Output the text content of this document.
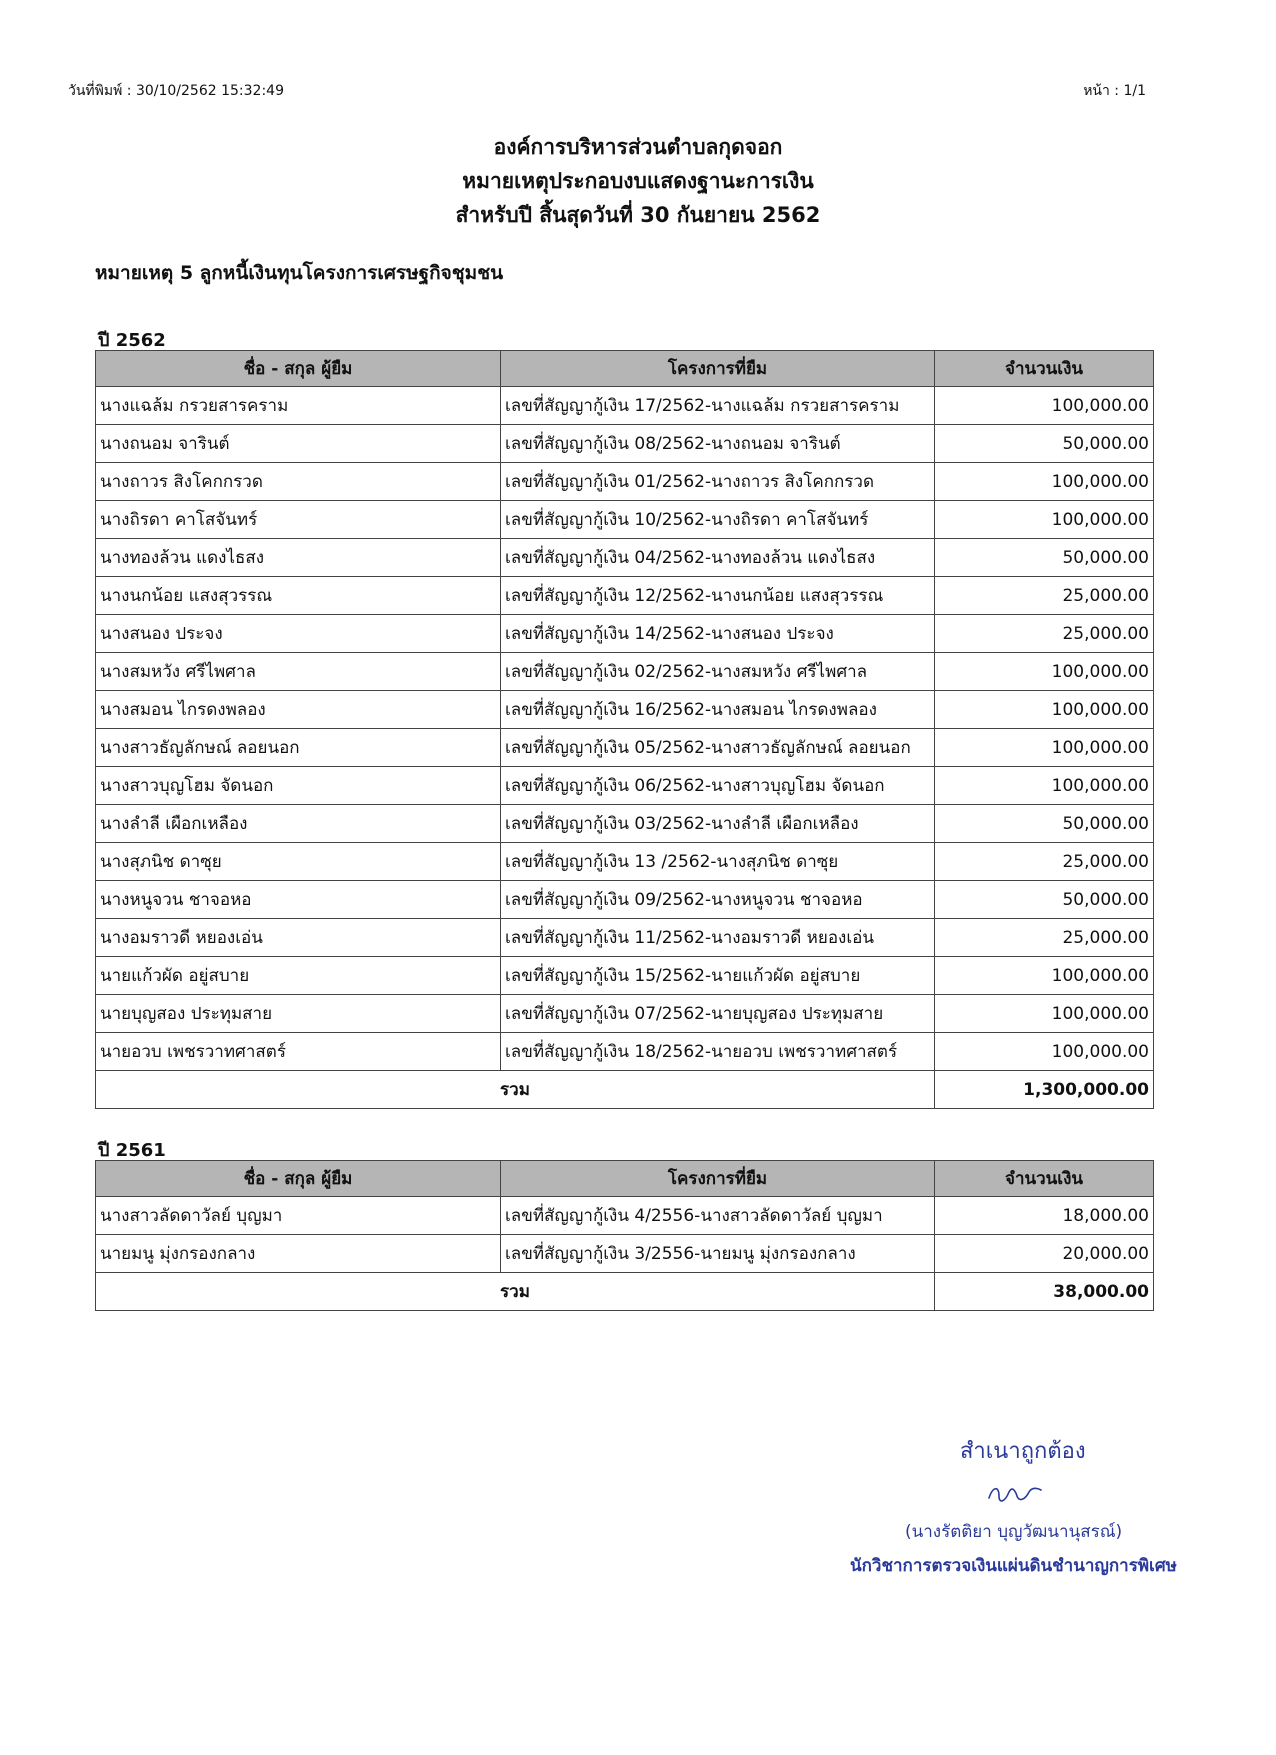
วันที่พิมพ์ : 30/10/2562 15:32:49	หน้า : 1/1
องค์การบริหารส่วนตำบลกุดจอก
หมายเหตุประกอบงบแสดงฐานะการเงิน
สำหรับปี สิ้นสุดวันที่ 30 กันยายน 2562
หมายเหตุ 5 ลูกหนี้เงินทุนโครงการเศรษฐกิจชุมชน
ปี 2562
ชื่อ - สกุล ผู้ยืม	โครงการที่ยืม	จำนวนเงิน
นางแฉล้ม กรวยสารคราม	เลขที่สัญญากู้เงิน 17/2562-นางแฉล้ม กรวยสารคราม	100,000.00
นางถนอม จารินต์	เลขที่สัญญากู้เงิน 08/2562-นางถนอม จารินต์	50,000.00
นางถาวร สิงโคกกรวด	เลขที่สัญญากู้เงิน 01/2562-นางถาวร สิงโคกกรวด	100,000.00
นางถิรดา คาโสจันทร์	เลขที่สัญญากู้เงิน 10/2562-นางถิรดา คาโสจันทร์	100,000.00
นางทองล้วน แดงไธสง	เลขที่สัญญากู้เงิน 04/2562-นางทองล้วน แดงไธสง	50,000.00
นางนกน้อย แสงสุวรรณ	เลขที่สัญญากู้เงิน 12/2562-นางนกน้อย แสงสุวรรณ	25,000.00
นางสนอง ประจง	เลขที่สัญญากู้เงิน 14/2562-นางสนอง ประจง	25,000.00
นางสมหวัง ศรีไพศาล	เลขที่สัญญากู้เงิน 02/2562-นางสมหวัง ศรีไพศาล	100,000.00
นางสมอน ไกรดงพลอง	เลขที่สัญญากู้เงิน 16/2562-นางสมอน ไกรดงพลอง	100,000.00
นางสาวธัญลักษณ์ ลอยนอก	เลขที่สัญญากู้เงิน 05/2562-นางสาวธัญลักษณ์ ลอยนอก	100,000.00
นางสาวบุญโฮม จัดนอก	เลขที่สัญญากู้เงิน 06/2562-นางสาวบุญโฮม จัดนอก	100,000.00
นางลำลี เผือกเหลือง	เลขที่สัญญากู้เงิน 03/2562-นางลำลี เผือกเหลือง	50,000.00
นางสุภนิช ดาซุย	เลขที่สัญญากู้เงิน 13 /2562-นางสุภนิช ดาซุย	25,000.00
นางหนูจวน ชาจอหอ	เลขที่สัญญากู้เงิน 09/2562-นางหนูจวน ชาจอหอ	50,000.00
นางอมราวดี หยองเอ่น	เลขที่สัญญากู้เงิน 11/2562-นางอมราวดี หยองเอ่น	25,000.00
นายแก้วผัด อยู่สบาย	เลขที่สัญญากู้เงิน 15/2562-นายแก้วผัด อยู่สบาย	100,000.00
นายบุญสอง ประทุมสาย	เลขที่สัญญากู้เงิน 07/2562-นายบุญสอง ประทุมสาย	100,000.00
นายอวบ เพชรวาทศาสตร์	เลขที่สัญญากู้เงิน 18/2562-นายอวบ เพชรวาทศาสตร์	100,000.00
รวม		1,300,000.00
ปี 2561
ชื่อ - สกุล ผู้ยืม	โครงการที่ยืม	จำนวนเงิน
นางสาวลัดดาวัลย์ บุญมา	เลขที่สัญญากู้เงิน 4/2556-นางสาวลัดดาวัลย์ บุญมา	18,000.00
นายมนู มุ่งกรองกลาง	เลขที่สัญญากู้เงิน 3/2556-นายมนู มุ่งกรองกลาง	20,000.00
รวม		38,000.00
สำเนาถูกต้อง
(นางรัตติยา บุญวัฒนานุสรณ์)
นักวิชาการตรวจเงินแผ่นดินชำนาญการพิเศษ
